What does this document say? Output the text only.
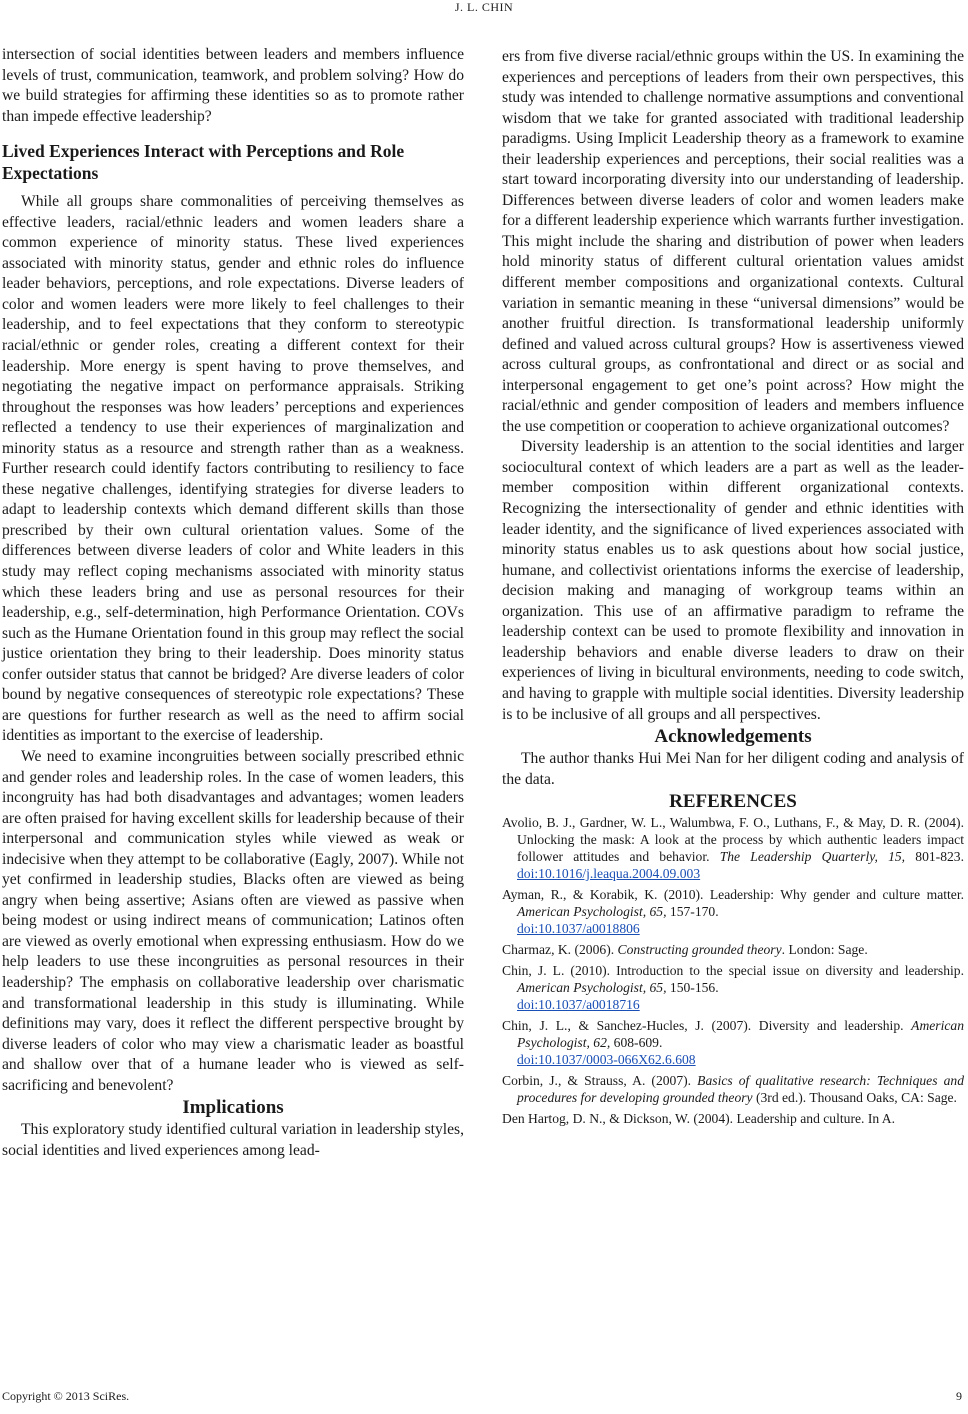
J. L. CHIN

intersection of social identities between leaders and members influence levels of trust, communication, teamwork, and problem solving? How do we build strategies for affirming these identities so as to promote rather than impede effective leadership?

Lived Experiences Interact with Perceptions and Role Expectations

While all groups share commonalities of perceiving themselves as effective leaders, racial/ethnic leaders and women leaders share a common experience of minority status. These lived experiences associated with minority status, gender and ethnic roles do influence leader behaviors, perceptions, and role expectations. Diverse leaders of color and women leaders were more likely to feel challenges to their leadership, and to feel expectations that they conform to stereotypic racial/ethnic or gender roles, creating a different context for their leadership. More energy is spent having to prove themselves, and negotiating the negative impact on performance appraisals. Striking throughout the responses was how leaders’ perceptions and experiences reflected a tendency to use their experiences of marginalization and minority status as a resource and strength rather than as a weakness. Further research could identify factors contributing to resiliency to face these negative challenges, identifying strategies for diverse leaders to adapt to leadership contexts which demand different skills than those prescribed by their own cultural orientation values. Some of the differences between diverse leaders of color and White leaders in this study may reflect coping mechanisms associated with minority status which these leaders bring and use as personal resources for their leadership, e.g., self-determination, high Performance Orientation. COVs such as the Humane Orientation found in this group may reflect the social justice orientation they bring to their leadership. Does minority status confer outsider status that cannot be bridged? Are diverse leaders of color bound by negative consequences of stereotypic role expectations? These are questions for further research as well as the need to affirm social identities as important to the exercise of leadership.

We need to examine incongruities between socially prescribed ethnic and gender roles and leadership roles. In the case of women leaders, this incongruity has had both disadvantages and advantages; women leaders are often praised for having excellent skills for leadership because of their interpersonal and communication styles while viewed as weak or indecisive when they attempt to be collaborative (Eagly, 2007). While not yet confirmed in leadership studies, Blacks often are viewed as being angry when being assertive; Asians often are viewed as passive when being modest or using indirect means of communication; Latinos often are viewed as overly emotional when expressing enthusiasm. How do we help leaders to use these incongruities as personal resources in their leadership? The emphasis on collaborative leadership over charismatic and transformational leadership in this study is illuminating. While definitions may vary, does it reflect the different perspective brought by diverse leaders of color who may view a charismatic leader as boastful and shallow over that of a humane leader who is viewed as self-sacrificing and benevolent?

Implications

This exploratory study identified cultural variation in leadership styles, social identities and lived experiences among lead-

ers from five diverse racial/ethnic groups within the US. In examining the experiences and perceptions of leaders from their own perspectives, this study was intended to challenge normative assumptions and conventional wisdom that we take for granted associated with traditional leadership paradigms. Using Implicit Leadership theory as a framework to examine their leadership experiences and perceptions, their social realities was a start toward incorporating diversity into our understanding of leadership. Differences between diverse leaders of color and women leaders make for a different leadership experience which warrants further investigation. This might include the sharing and distribution of power when leaders hold minority status of different cultural orientation values amidst different member compositions and organizational contexts. Cultural variation in semantic meaning in these “universal dimensions” would be another fruitful direction. Is transformational leadership uniformly defined and valued across cultural groups? How is assertiveness viewed across cultural groups, as confrontational and direct or as social and interpersonal engagement to get one’s point across? How might the racial/ethnic and gender composition of leaders and members influence the use competition or cooperation to achieve organizational outcomes?

Diversity leadership is an attention to the social identities and larger sociocultural context of which leaders are a part as well as the leader-member composition within different organizational contexts. Recognizing the intersectionality of gender and ethnic identities with leader identity, and the significance of lived experiences associated with minority status enables us to ask questions about how social justice, humane, and collectivist orientations informs the exercise of leadership, decision making and managing of workgroup teams within an organization. This use of an affirmative paradigm to reframe the leadership context can be used to promote flexibility and innovation in leadership behaviors and enable diverse leaders to draw on their experiences of living in bicultural environments, needing to code switch, and having to grapple with multiple social identities. Diversity leadership is to be inclusive of all groups and all perspectives.

Acknowledgements

The author thanks Hui Mei Nan for her diligent coding and analysis of the data.

REFERENCES

Avolio, B. J., Gardner, W. L., Walumbwa, F. O., Luthans, F., & May, D. R. (2004). Unlocking the mask: A look at the process by which authentic leaders impact follower attitudes and behavior. The Leadership Quarterly, 15, 801-823. doi:10.1016/j.leaqua.2004.09.003

Ayman, R., & Korabik, K. (2010). Leadership: Why gender and culture matter. American Psychologist, 65, 157-170.
doi:10.1037/a0018806

Charmaz, K. (2006). Constructing grounded theory. London: Sage.

Chin, J. L. (2010). Introduction to the special issue on diversity and leadership. American Psychologist, 65, 150-156.
doi:10.1037/a0018716

Chin, J. L., & Sanchez-Hucles, J. (2007). Diversity and leadership. American Psychologist, 62, 608-609.
doi:10.1037/0003-066X62.6.608

Corbin, J., & Strauss, A. (2007). Basics of qualitative research: Techniques and procedures for developing grounded theory (3rd ed.). Thousand Oaks, CA: Sage.

Den Hartog, D. N., & Dickson, W. (2004). Leadership and culture. In A.

Copyright © 2013 SciRes.	9
